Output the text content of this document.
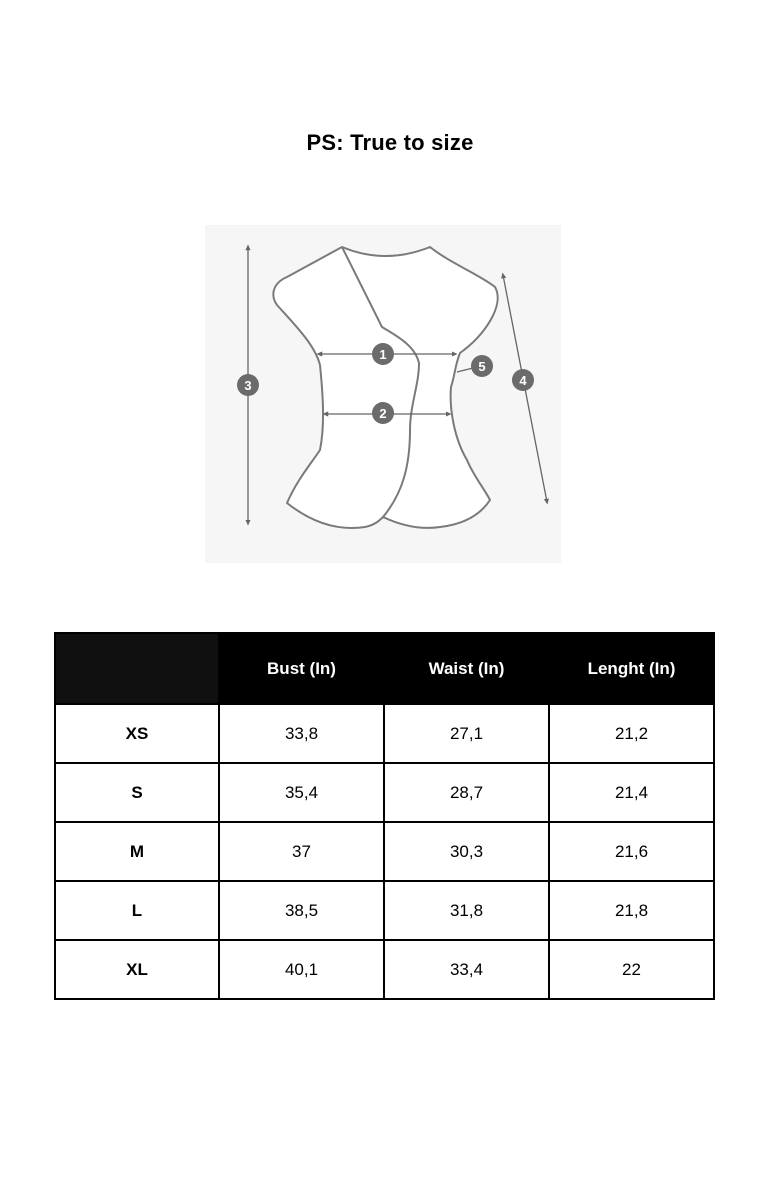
PS: True to size
1
2
3	4
5
	Bust (In)	Waist (In)	Lenght (In)
XS	33,8	27,1	21,2
S	35,4	28,7	21,4
M	37	30,3	21,6
L	38,5	31,8	21,8
XL	40,1	33,4	22
